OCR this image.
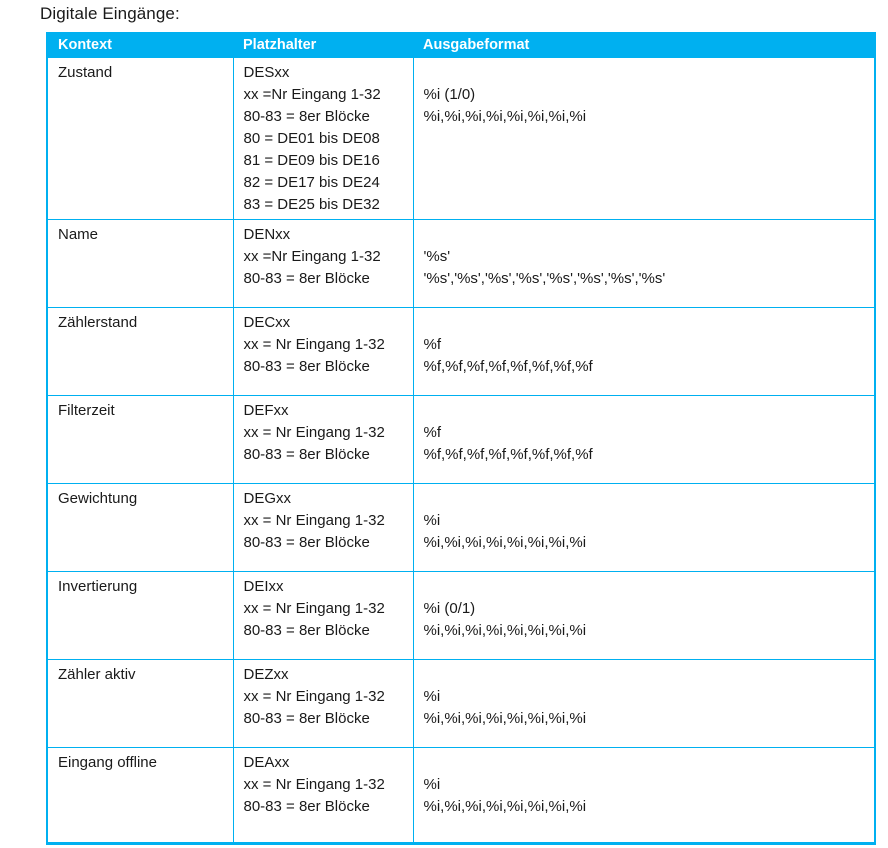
Digitale Eingänge:
Kontext	Platzhalter	Ausgabeformat

Zustand	DESxx
xx =Nr Eingang 1-32
80-83 = 8er Blöcke
80 = DE01 bis DE08
81 = DE09 bis DE16
82 = DE17 bis DE24
83 = DE25 bis DE32

%i (1/0)
%i,%i,%i,%i,%i,%i,%i,%i

Name	DENxx
xx =Nr Eingang 1-32
80-83 = 8er Blöcke

'%s'
'%s','%s','%s','%s','%s','%s','%s','%s'

Zählerstand	DECxx
xx = Nr Eingang 1-32
80-83 = 8er Blöcke

%f
%f,%f,%f,%f,%f,%f,%f,%f

Filterzeit	DEFxx
xx = Nr Eingang 1-32
80-83 = 8er Blöcke

%f
%f,%f,%f,%f,%f,%f,%f,%f

Gewichtung	DEGxx
xx = Nr Eingang 1-32
80-83 = 8er Blöcke

%i
%i,%i,%i,%i,%i,%i,%i,%i

Invertierung	DEIxx
xx = Nr Eingang 1-32
80-83 = 8er Blöcke

%i (0/1)
%i,%i,%i,%i,%i,%i,%i,%i

Zähler aktiv	DEZxx
xx = Nr Eingang 1-32
80-83 = 8er Blöcke

%i
%i,%i,%i,%i,%i,%i,%i,%i

Eingang offline	DEAxx
xx = Nr Eingang 1-32
80-83 = 8er Blöcke

%i
%i,%i,%i,%i,%i,%i,%i,%i
